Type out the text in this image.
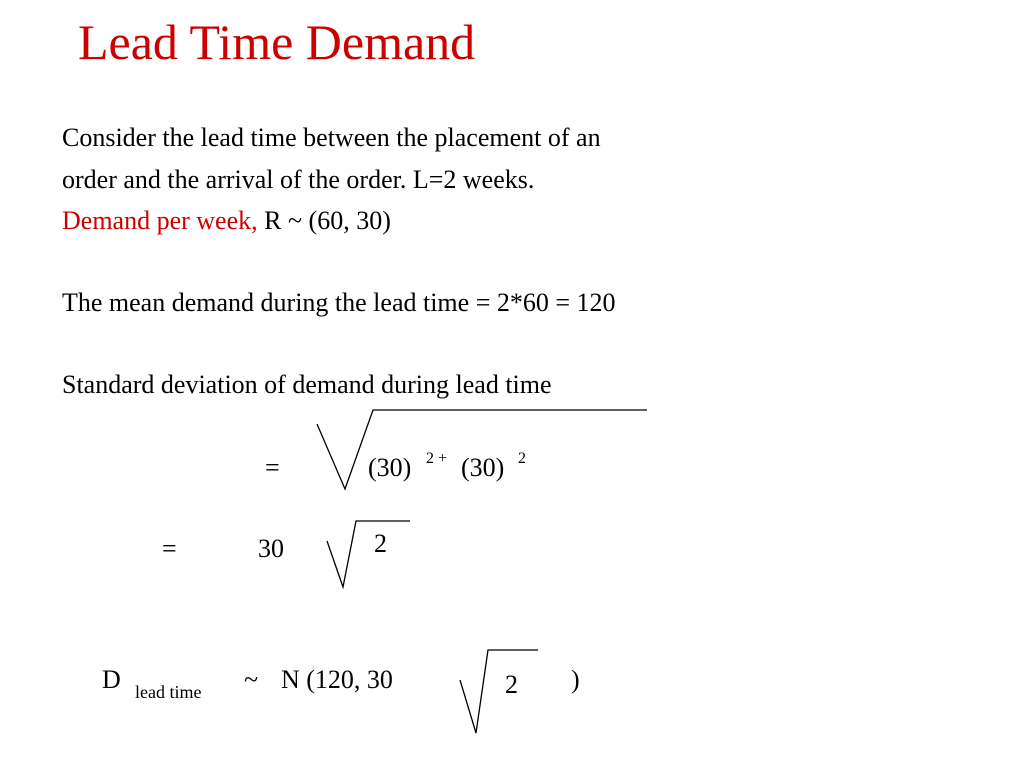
Lead Time Demand
Consider the lead time between the placement of an
order and the arrival of the order. L=2 weeks.
Demand per week, R ~ (60, 30)
The mean demand during the lead time = 2*60 = 120
Standard deviation of demand during lead time
=	(30) 2 + (30) 2
=	30	2
D lead time ~ N (120, 30	2 )
